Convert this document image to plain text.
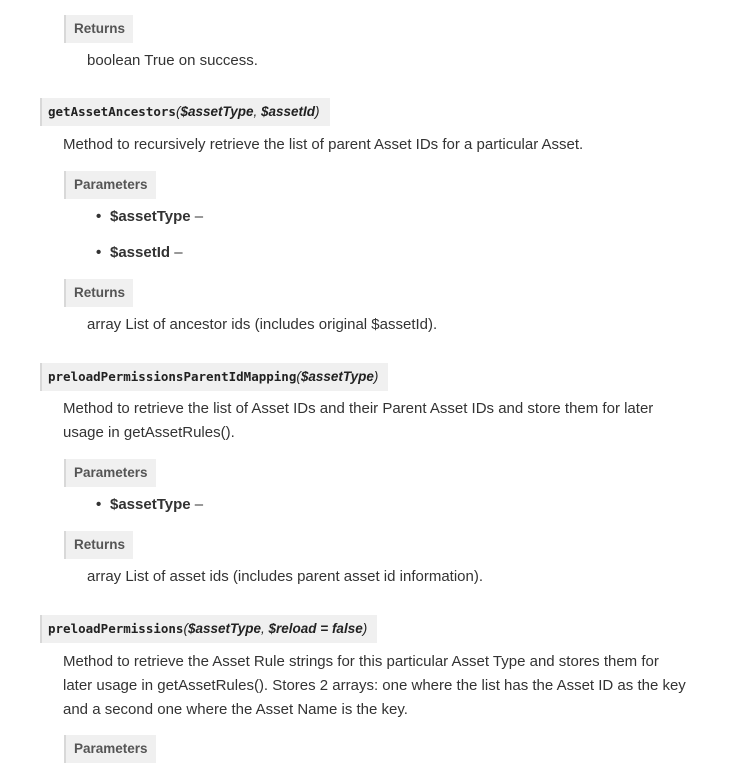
Returns
boolean True on success.
getAssetAncestors($assetType, $assetId)
Method to recursively retrieve the list of parent Asset IDs for a particular Asset.
Parameters
• $assetType –
• $assetId –
Returns
array List of ancestor ids (includes original $assetId).
preloadPermissionsParentIdMapping($assetType)
Method to retrieve the list of Asset IDs and their Parent Asset IDs and store them for later
usage in getAssetRules().
Parameters
• $assetType –
Returns
array List of asset ids (includes parent asset id information).
preloadPermissions($assetType, $reload = false)
Method to retrieve the Asset Rule strings for this particular Asset Type and stores them for
later usage in getAssetRules(). Stores 2 arrays: one where the list has the Asset ID as the key
and a second one where the Asset Name is the key.
Parameters
